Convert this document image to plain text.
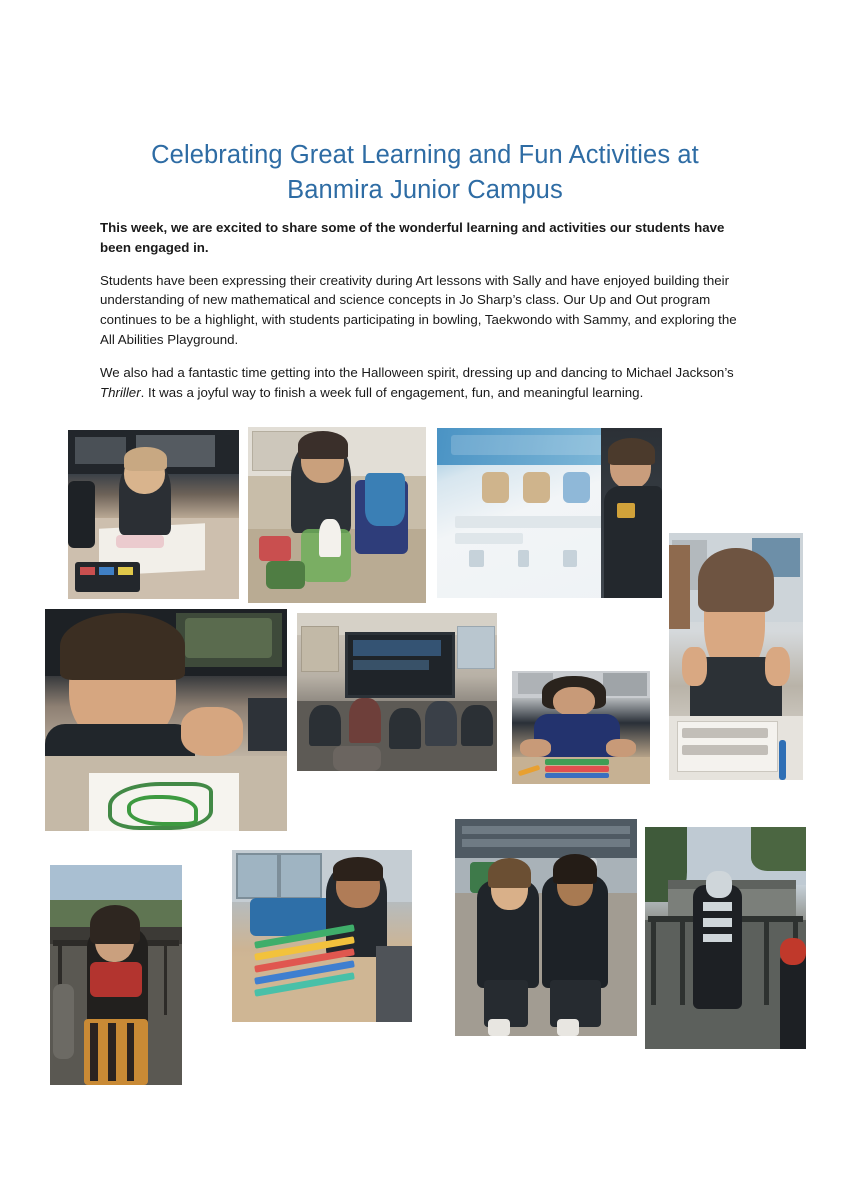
Celebrating Great Learning and Fun Activities at
Banmira Junior Campus

This week, we are excited to share some of the wonderful learning and activities our students have been engaged in.

Students have been expressing their creativity during Art lessons with Sally and have enjoyed building their understanding of new mathematical and science concepts in Jo Sharp’s class. Our Up and Out program continues to be a highlight, with students participating in bowling, Taekwondo with Sammy, and exploring the All Abilities Playground.

We also had a fantastic time getting into the Halloween spirit, dressing up and dancing to Michael Jackson’s Thriller. It was a joyful way to finish a week full of engagement, fun, and meaningful learning.
